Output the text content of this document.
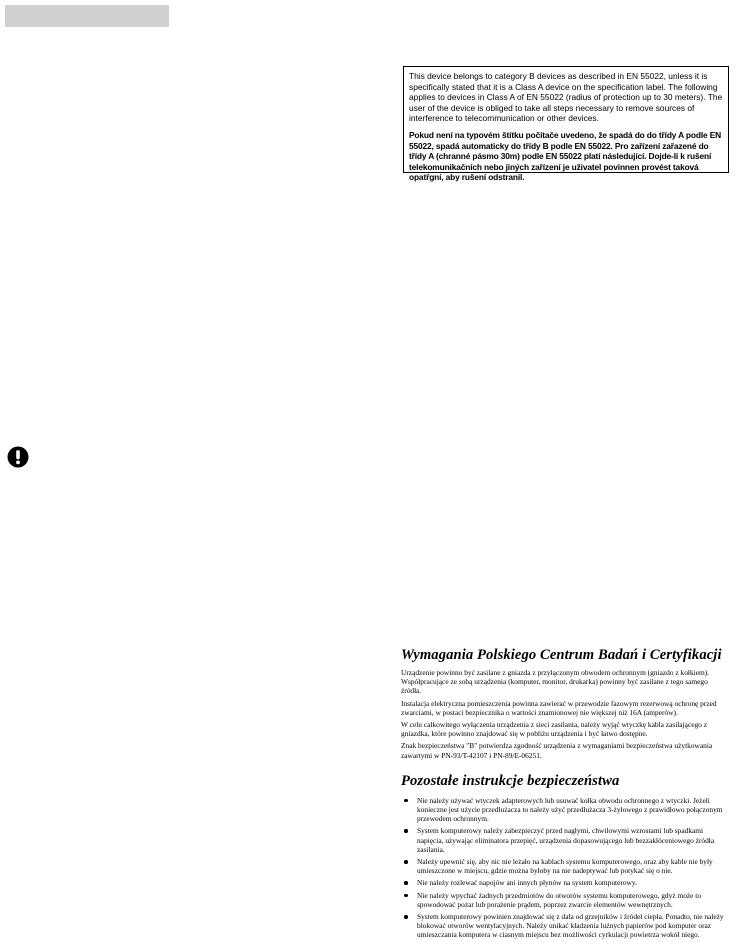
This device belongs to category B devices as described in EN 55022, unless it is specifically stated that it is a Class A device on the specification label. The following applies to devices in Class A of EN 55022 (radius of protection up to 30 meters). The user of the device is obliged to take all steps necessary to remove sources of interference to telecommunication or other devices.

Pokud není na typovém štítku počítače uvedeno, že spadá do do třídy A podle EN 55022, spadá automaticky do třídy B podle EN 55022. Pro zařízení zařazené do třídy A (chranné pásmo 30m) podle EN 55022 platí následující. Dojde-li k rušení telekomunikačních nebo jiných zařízení je uživatel povinnen provést taková opatřgní, aby rušení odstranil.

Wymagania Polskiego Centrum Badań i Certyfikacji

Urządzenie powinno być zasilane z gniazda z przyłączonym obwodem ochronnym (gniazdo z kołkiem). Współpracujące ze sobą urządzenia (komputer, monitor, drukarka) powinny być zasilane z tego samego źródła.

Instalacja elektryczna pomieszczenia powinna zawierać w przewodzie fazowym rezerwową ochronę przed zwarciami, w postaci bezpiecznika o wartości znamionowej nie większej niż 16A (amperów).

W celu całkowitego wyłączenia urządzenia z sieci zasilania, należy wyjąć wtyczkę kabla zasilającego z gniazdka, które powinno znajdować się w pobliżu urządzenia i być łatwo dostępne.

Znak bezpieczeństwa "B" potwierdza zgodność urządzenia z wymaganiami bezpieczeństwa użytkowania zawartymi w PN-93/T-42107 i PN-89/E-06251.

Pozostałe instrukcje bezpieczeństwa
Nie należy używać wtyczek adapterowych lub usuwać kołka obwodu ochronnego z wtyczki. Jeżeli konieczne jest użycie przedłużacza to należy użyć przedłużacza 3-żyłowego z prawidłowo połączonym przewodem ochronnym.
System komputerowy należy zabezpieczyć przed nagłymi, chwilowymi wzrostami lub spadkami napięcia, używając eliminatora przepięć, urządzenia dopasowującego lub bezzakłóceniowego źródła zasilania.
Należy upewnić się, aby nic nie leżało na kablach systemu komputerowego, oraz aby kable nie były umieszczone w miejscu, gdzie można byłoby na nie nadeptywać lub potykać się o nie.
Nie należy rozlewać napojów ani innych płynów na system komputerowy.
Nie należy wpychać żadnych przedmiotów do otworów systemu komputerowego, gdyż może to spowodować pożar lub porażenie prądem, poprzez zwarcie elementów wewnętrznych.
System komputerowy powinien znajdować się z dala od grzejników i źródeł ciepła. Ponadto, nie należy blokować otworów wentylacyjnych. Należy unikać kładzenia luźnych papierów pod komputer oraz umieszczania komputera w ciasnym miejscu bez możliwości cyrkulacji powietrza wokół niego.
